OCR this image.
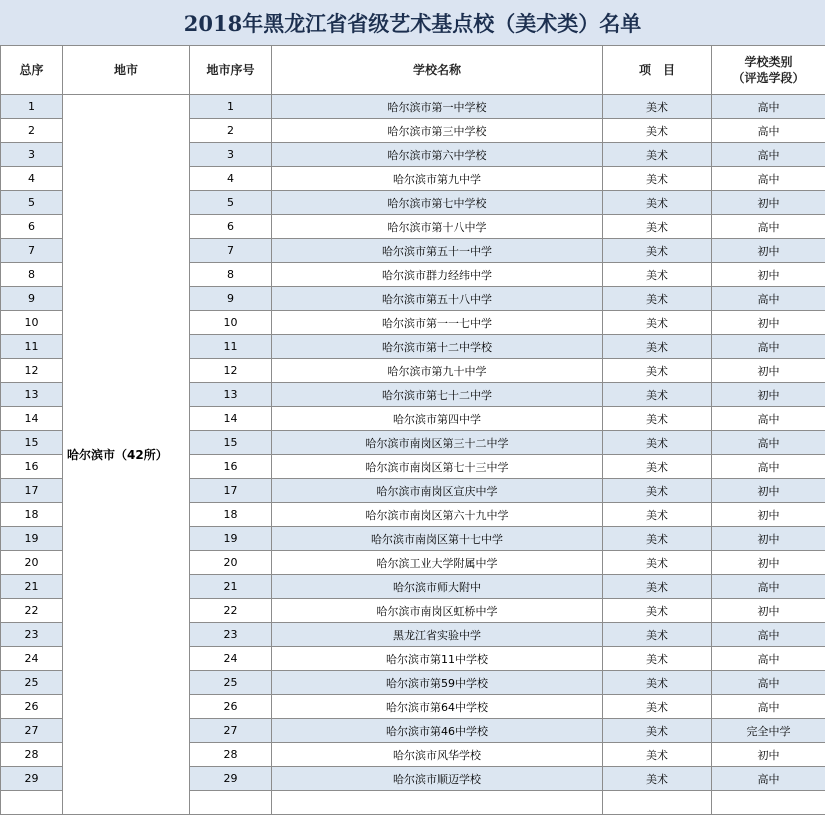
2018年黑龙江省省级艺术基点校（美术类）名单
总序	地市	地市序号	学校名称	项　目	学校类别
（评选学段）

1	哈尔滨市（42所）	1	哈尔滨市第一中学校	美术	高中
2		2	哈尔滨市第三中学校	美术	高中
3		3	哈尔滨市第六中学校	美术	高中
4		4	哈尔滨市第九中学	美术	高中
5		5	哈尔滨市第七中学校	美术	初中
6		6	哈尔滨市第十八中学	美术	高中
7		7	哈尔滨市第五十一中学	美术	初中
8		8	哈尔滨市群力经纬中学	美术	初中
9		9	哈尔滨市第五十八中学	美术	高中
10		10	哈尔滨市第一一七中学	美术	初中
11		11	哈尔滨市第十二中学校	美术	高中
12		12	哈尔滨市第九十中学	美术	初中
13		13	哈尔滨市第七十二中学	美术	初中
14		14	哈尔滨市第四中学	美术	高中
15		15	哈尔滨市南岗区第三十二中学	美术	高中
16		16	哈尔滨市南岗区第七十三中学	美术	高中
17		17	哈尔滨市南岗区宣庆中学	美术	初中
18		18	哈尔滨市南岗区第六十九中学	美术	初中
19		19	哈尔滨市南岗区第十七中学	美术	初中
20		20	哈尔滨工业大学附属中学	美术	初中
21		21	哈尔滨市师大附中	美术	高中
22		22	哈尔滨市南岗区虹桥中学	美术	初中
23		23	黑龙江省实验中学	美术	高中
24		24	哈尔滨市第11中学校	美术	高中
25		25	哈尔滨市第59中学校	美术	高中
26		26	哈尔滨市第64中学校	美术	高中
27		27	哈尔滨市第46中学校	美术	完全中学
28		28	哈尔滨市风华学校	美术	初中
29		29	哈尔滨市顺迈学校	美术	高中
